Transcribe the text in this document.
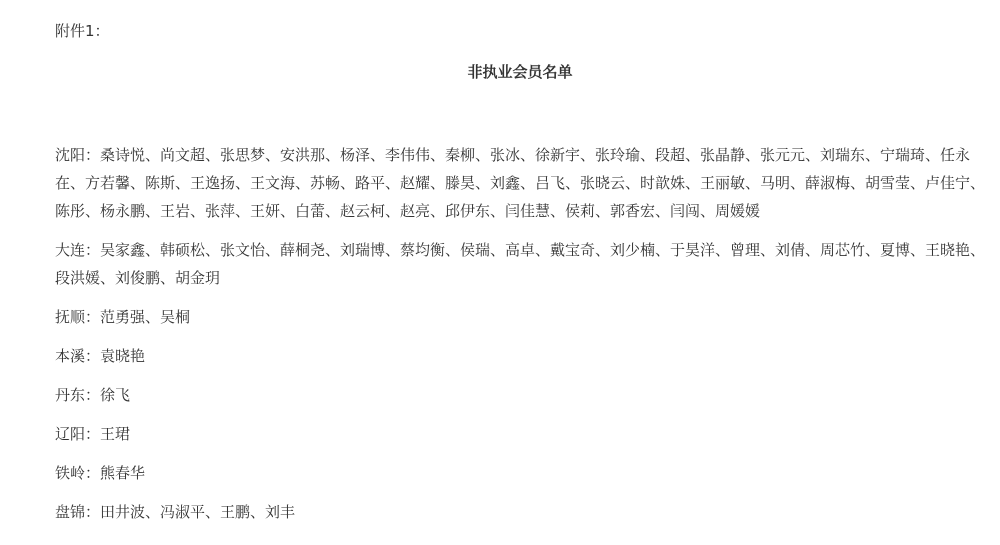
附件1：

非执业会员名单

沈阳：桑诗悦、尚文超、张思梦、安洪那、杨泽、李伟伟、秦柳、张冰、徐新宇、张玲瑜、段超、张晶静、张元元、刘瑞东、宁瑞琦、任永在、方若馨、陈斯、王逸扬、王文海、苏畅、路平、赵耀、滕昊、刘鑫、吕飞、张晓云、时歆姝、王丽敏、马明、薛淑梅、胡雪莹、卢佳宁、陈彤、杨永鹏、王岩、张萍、王妍、白蕾、赵云柯、赵亮、邱伊东、闫佳慧、侯莉、郭香宏、闫闯、周媛媛

大连：吴家鑫、韩硕松、张文怡、薛桐尧、刘瑞博、蔡均衡、侯瑞、高卓、戴宝奇、刘少楠、于昊洋、曾理、刘倩、周芯竹、夏博、王晓艳、段洪媛、刘俊鹏、胡金玥

抚顺：范勇强、吴桐

本溪：袁晓艳

丹东：徐飞

辽阳：王珺

铁岭：熊春华

盘锦：田井波、冯淑平、王鹏、刘丰
